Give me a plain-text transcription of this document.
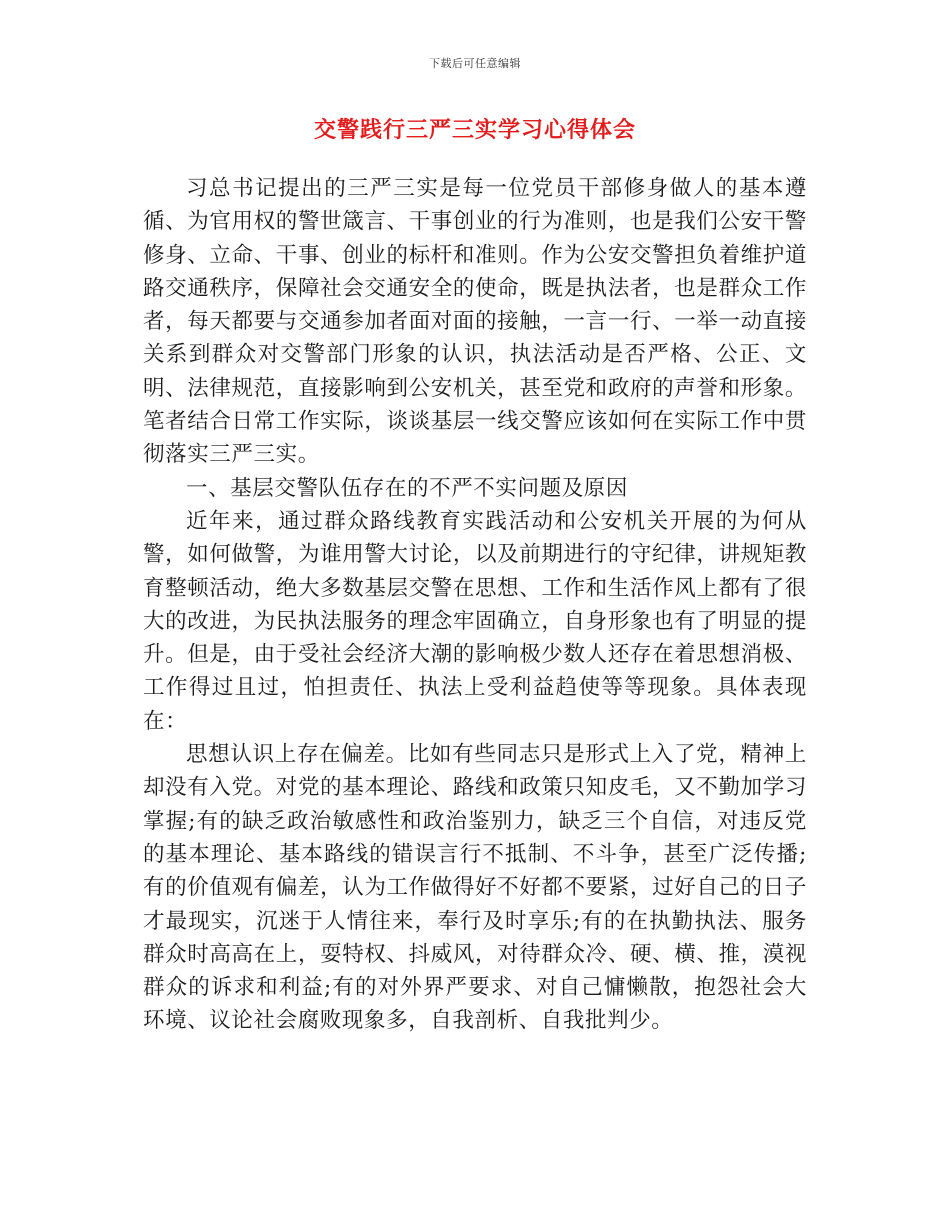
下载后可任意编辑
交警践行三严三实学习心得体会

习总书记提出的三严三实是每一位党员干部修身做人的基本遵循、为官用权的警世箴言、干事创业的行为准则，也是我们公安干警修身、立命、干事、创业的标杆和准则。作为公安交警担负着维护道路交通秩序，保障社会交通安全的使命，既是执法者，也是群众工作者，每天都要与交通参加者面对面的接触，一言一行、一举一动直接关系到群众对交警部门形象的认识，执法活动是否严格、公正、文明、法律规范，直接影响到公安机关，甚至党和政府的声誉和形象。笔者结合日常工作实际，谈谈基层一线交警应该如何在实际工作中贯彻落实三严三实。

一、基层交警队伍存在的不严不实问题及原因

近年来，通过群众路线教育实践活动和公安机关开展的为何从警，如何做警，为谁用警大讨论，以及前期进行的守纪律，讲规矩教育整顿活动，绝大多数基层交警在思想、工作和生活作风上都有了很大的改进，为民执法服务的理念牢固确立，自身形象也有了明显的提升。但是，由于受社会经济大潮的影响极少数人还存在着思想消极、工作得过且过，怕担责任、执法上受利益趋使等等现象。具体表现在：

思想认识上存在偏差。比如有些同志只是形式上入了党，精神上却没有入党。对党的基本理论、路线和政策只知皮毛，又不勤加学习掌握;有的缺乏政治敏感性和政治鉴别力，缺乏三个自信，对违反党的基本理论、基本路线的错误言行不抵制、不斗争，甚至广泛传播;有的价值观有偏差，认为工作做得好不好都不要紧，过好自己的日子才最现实，沉迷于人情往来，奉行及时享乐;有的在执勤执法、服务群众时高高在上，耍特权、抖威风，对待群众冷、硬、横、推，漠视群众的诉求和利益;有的对外界严要求、对自己慵懒散，抱怨社会大环境、议论社会腐败现象多，自我剖析、自我批判少。
